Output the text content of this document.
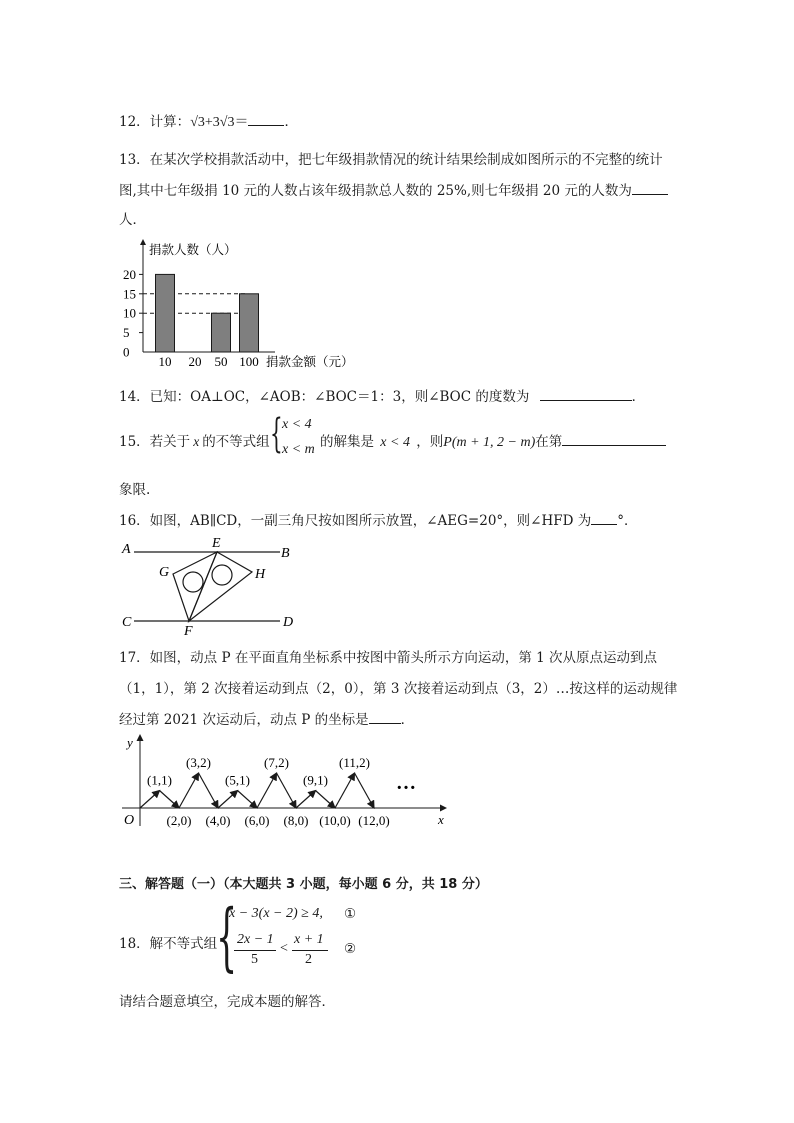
12．计算：√3+3√3＝	．
13．在某次学校捐款活动中，把七年级捐款情况的统计结果绘制成如图所示的不完整的统计
图,其中七年级捐 10 元的人数占该年级捐款总人数的 25%,则七年级捐 20 元的人数为
人．
捐款人数（人）
捐款金额（元）
0
5
10
15
20
10 20 50 100
14．已知：OA⊥OC，∠AOB：∠BOC＝1：3，则∠BOC 的度数为	．
15．若关于 x 的不等式组 { x < 4
x < m 的解集是 x < 4 ，则P(m + 1, 2 − m)在第
象限.
16．如图，AB∥CD，一副三角尺按如图所示放置，∠AEG=20°，则∠HFD 为 °．
A	E
B
G	H
C
F
D
17．如图，动点 P 在平面直角坐标系中按图中箭头所示方向运动，第 1 次从原点运动到点
（1，1），第 2 次接着运动到点（2，0），第 3 次接着运动到点（3，2）…按这样的运动规律
经过第 2021 次运动后，动点 P 的坐标是 ．
(1,1)
(3,2)
(5,1)
(7,2)
(9,1)
(11,2)
(2,0) (4,0) (6,0) (8,0) (10,0) (12,0)
O	x
y
…
三、解答题（一）（本大题共 3 小题，每小题 6 分，共 18 分）
18．解不等式组
{
x − 3(x − 2) ≥ 4, ①
2x − 1
5
<
x + 1
2
②
请结合题意填空，完成本题的解答．
